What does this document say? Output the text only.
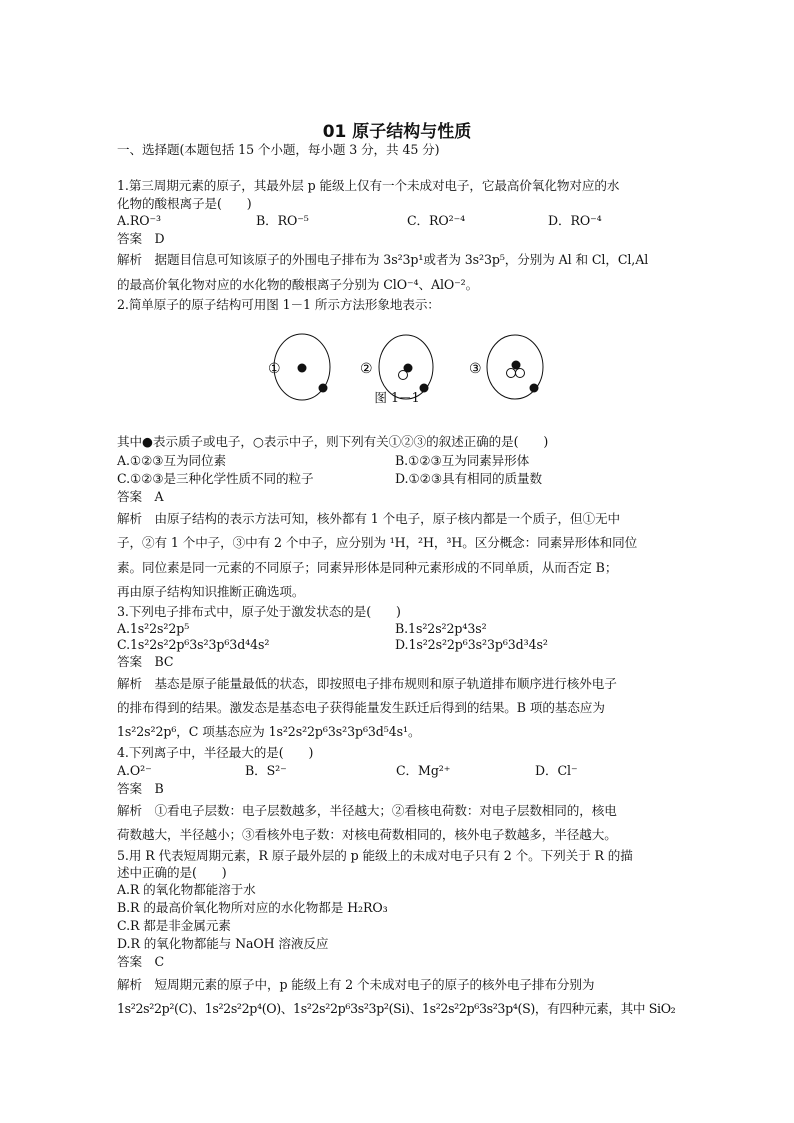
01 原子结构与性质
一、选择题(本题包括 15 个小题，每小题 3 分，共 45 分)
1.第三周期元素的原子，其最外层 p 能级上仅有一个未成对电子，它最高价氧化物对应的水
化物的酸根离子是(　　)
A.RO⁻³	B．RO⁻⁵	C．RO²⁻⁴	D．RO⁻⁴
答案　 D
解析　 据题目信息可知该原子的外围电子排布为 3s²3p¹或者为 3s²3p⁵，分别为 Al 和 Cl，Cl,Al
的最高价氧化物对应的水化物的酸根离子分别为 ClO⁻⁴、AlO⁻²。
2.简单原子的原子结构可用图 1－1 所示方法形象地表示：
①	②	③
图 1－1
其中●表示质子或电子，○表示中子，则下列有关①②③的叙述正确的是(　　)
A.①②③互为同位素	B.①②③互为同素异形体
C.①②③是三种化学性质不同的粒子	D.①②③具有相同的质量数
答案　 A
解析　 由原子结构的表示方法可知，核外都有 1 个电子，原子核内都是一个质子，但①无中
子，②有 1 个中子，③中有 2 个中子，应分别为 ¹H，²H，³H。区分概念：同素异形体和同位
素。同位素是同一元素的不同原子；同素异形体是同种元素形成的不同单质，从而否定 B；
再由原子结构知识推断正确选项。
3.下列电子排布式中，原子处于激发状态的是(　　)
A.1s²2s²2p⁵	B.1s²2s²2p⁴3s²
C.1s²2s²2p⁶3s²3p⁶3d⁴4s²	D.1s²2s²2p⁶3s²3p⁶3d³4s²
答案　 BC
解析　 基态是原子能量最低的状态，即按照电子排布规则和原子轨道排布顺序进行核外电子
的排布得到的结果。激发态是基态电子获得能量发生跃迁后得到的结果。B 项的基态应为
1s²2s²2p⁶，C 项基态应为 1s²2s²2p⁶3s²3p⁶3d⁵4s¹。
4.下列离子中，半径最大的是(　　)
A.O²⁻	B．S²⁻	C．Mg²⁺	D．Cl⁻
答案　 B
解析　 ①看电子层数：电子层数越多，半径越大；②看核电荷数：对电子层数相同的，核电
荷数越大，半径越小；③看核外电子数：对核电荷数相同的，核外电子数越多，半径越大。
5.用 R 代表短周期元素，R 原子最外层的 p 能级上的未成对电子只有 2 个。下列关于 R 的描
述中正确的是(　　)
A.R 的氧化物都能溶于水
B.R 的最高价氧化物所对应的水化物都是 H₂RO₃
C.R 都是非金属元素
D.R 的氧化物都能与 NaOH 溶液反应
答案　 C
解析　 短周期元素的原子中，p 能级上有 2 个未成对电子的原子的核外电子排布分别为
1s²2s²2p²(C)、1s²2s²2p⁴(O)、1s²2s²2p⁶3s²3p²(Si)、1s²2s²2p⁶3s²3p⁴(S)，有四种元素，其中 SiO₂
